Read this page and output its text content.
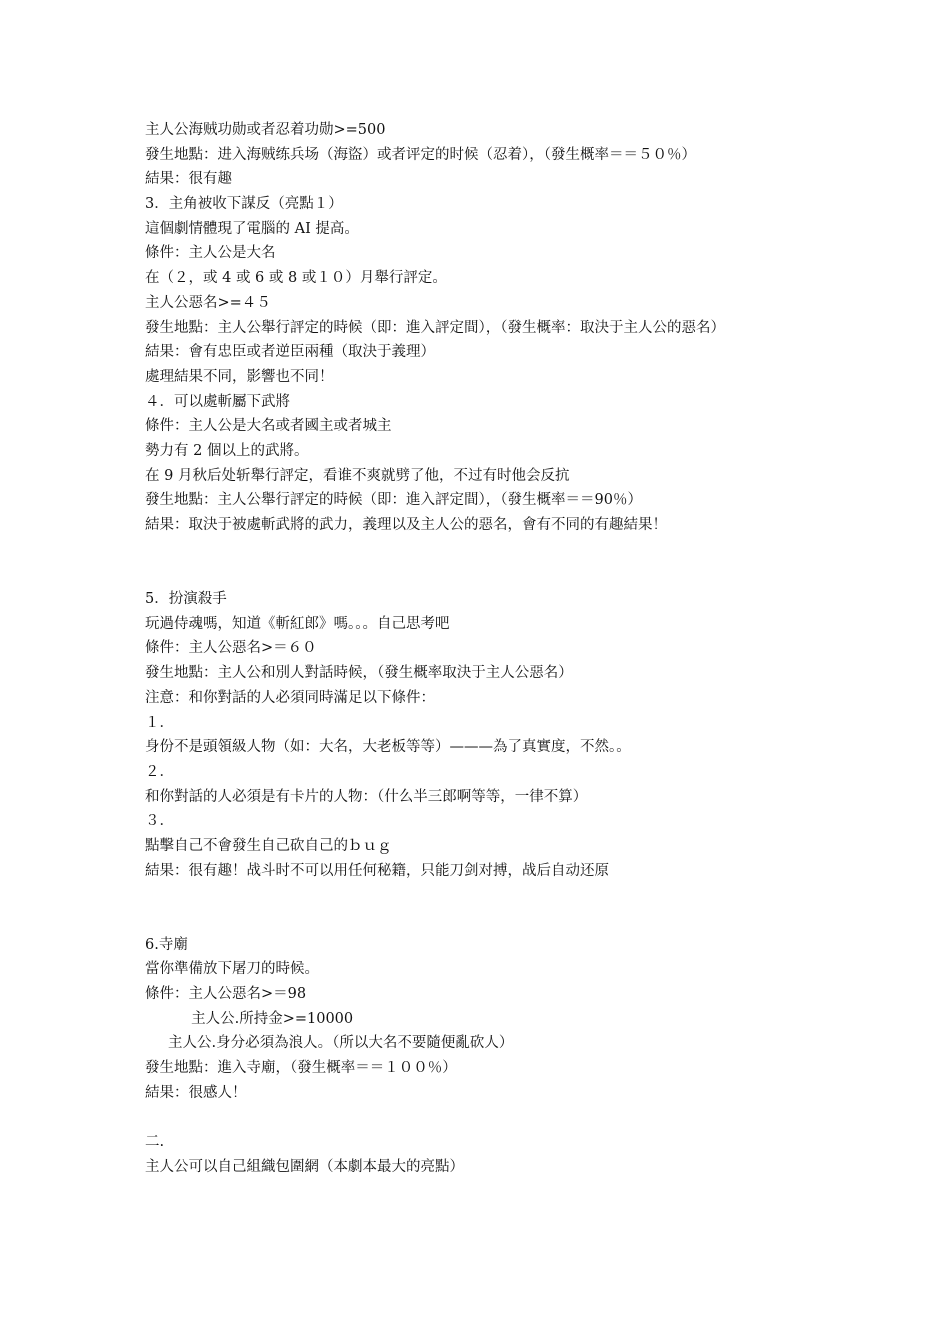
主人公海贼功勋或者忍着功勋>=500
發生地點：进入海贼练兵场（海盜）或者评定的时候（忍着），（發生概率＝＝５０％）
結果：很有趣
3．主角被收下謀反（亮點１）
這個劇情體現了電腦的 AI 提高。
條件：主人公是大名
在（２，或 4 或 6 或 8 或１０）月舉行評定。
主人公惡名>=４５
發生地點：主人公舉行評定的時候（即：進入評定間），（發生概率：取決于主人公的惡名）
結果：會有忠臣或者逆臣兩種（取決于義理）
處理結果不同，影響也不同！
４．可以處斬屬下武將
條件：主人公是大名或者國主或者城主
勢力有 2 個以上的武將。
在 9 月秋后处斩舉行評定，看谁不爽就劈了他，不过有时他会反抗
發生地點：主人公舉行評定的時候（即：進入評定間），（發生概率＝＝90％）
結果：取決于被處斬武將的武力，義理以及主人公的惡名，會有不同的有趣結果！
5．扮演殺手
玩過侍魂嗎，知道《斬紅郎》嗎。。。自己思考吧
條件：主人公惡名>＝６０
發生地點：主人公和別人對話時候，（發生概率取決于主人公惡名）
注意：和你對話的人必須同時滿足以下條件：
１．
身份不是頭領級人物（如：大名，大老板等等）———為了真實度，不然。。
２．
和你對話的人必須是有卡片的人物：（什么半三郎啊等等，一律不算）
３．
點擊自己不會發生自己砍自己的ｂｕｇ
結果：很有趣！战斗时不可以用任何秘籍，只能刀剑对搏，战后自动还原
6.寺廟
當你準備放下屠刀的時候。
條件：主人公惡名>＝98
主人公.所持金>=10000
主人公.身分必須為浪人。（所以大名不要隨便亂砍人）
發生地點：進入寺廟，（發生概率＝＝１００％）
結果：很感人！
二.
主人公可以自己組織包圍網（本劇本最大的亮點）
